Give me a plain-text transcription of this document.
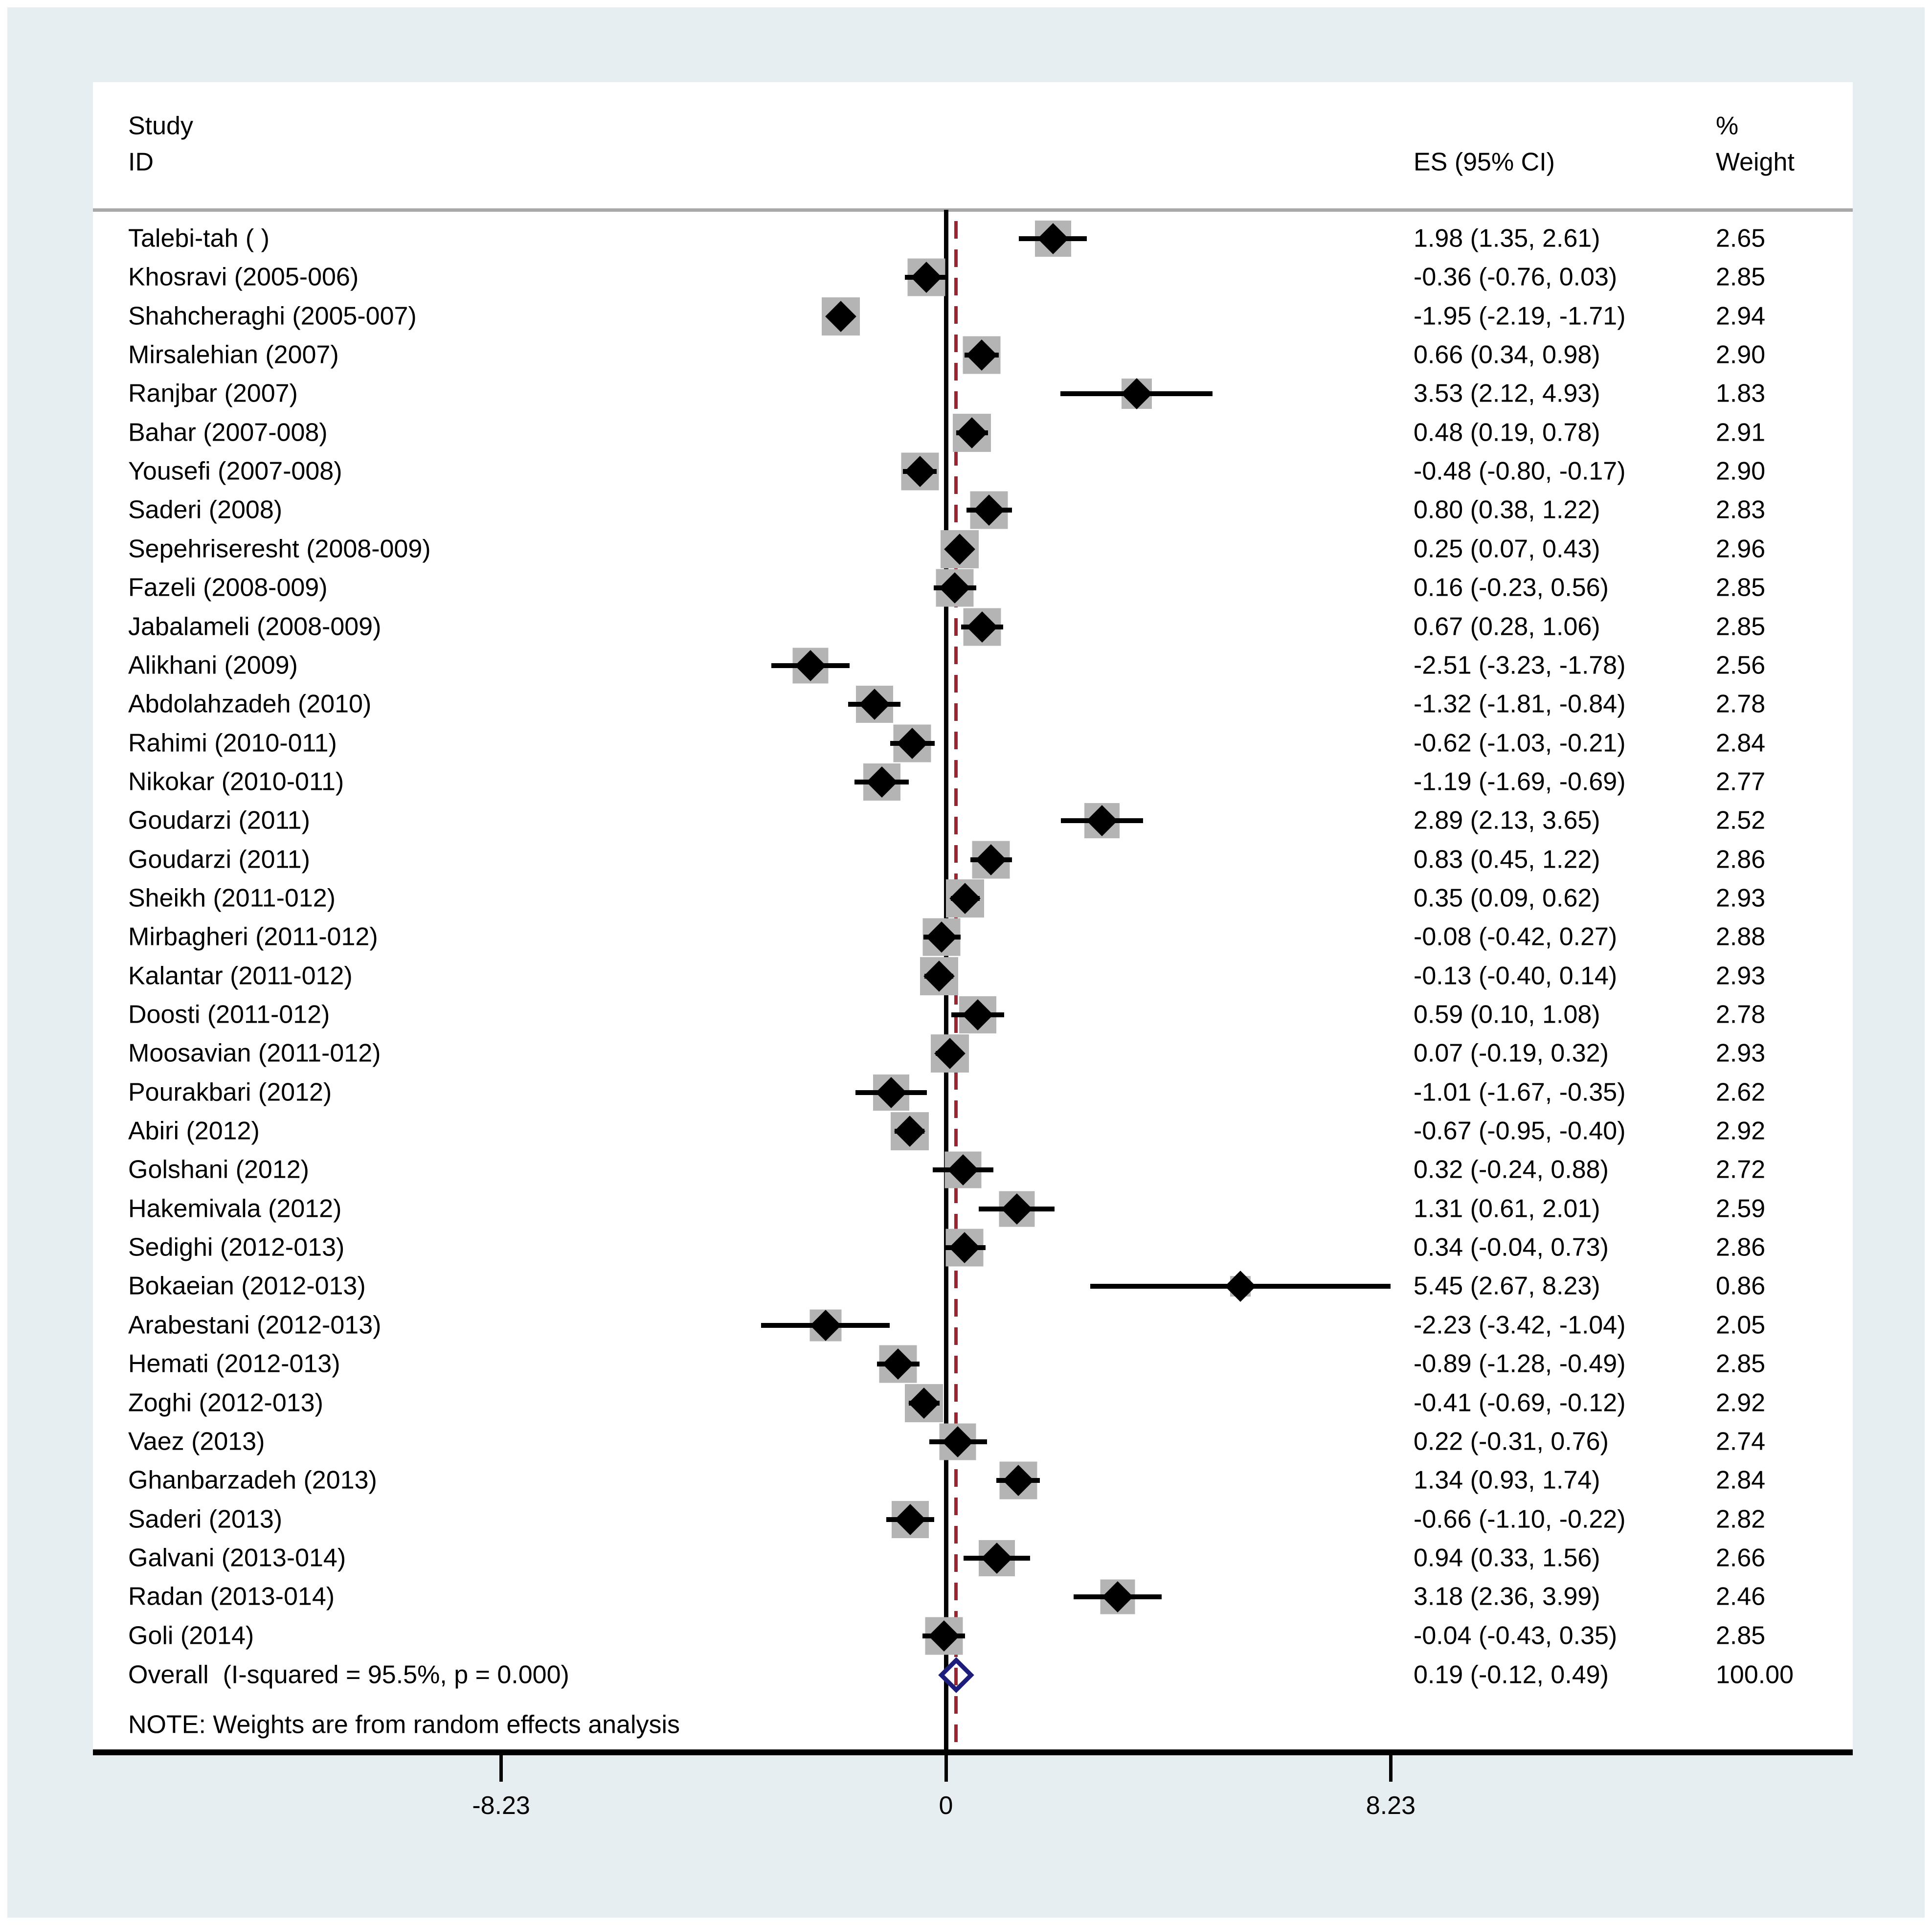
Study
ID	ES (95% CI)
%
Weight
NOTE: Weights are from random effects analysis
Talebi-tah ( )	1.98 (1.35, 2.61)	2.65
Khosravi (2005-006)	-0.36 (-0.76, 0.03)	2.85
Shahcheraghi (2005-007)	-1.95 (-2.19, -1.71)	2.94
Mirsalehian (2007)	0.66 (0.34, 0.98)	2.90
Ranjbar (2007)	3.53 (2.12, 4.93)	1.83
Bahar (2007-008)	0.48 (0.19, 0.78)	2.91
Yousefi (2007-008)	-0.48 (-0.80, -0.17)	2.90
Saderi (2008)	0.80 (0.38, 1.22)	2.83
Sepehriseresht (2008-009)	0.25 (0.07, 0.43)	2.96
Fazeli (2008-009)	0.16 (-0.23, 0.56)	2.85
Jabalameli (2008-009)	0.67 (0.28, 1.06)	2.85
Alikhani (2009)	-2.51 (-3.23, -1.78)	2.56
Abdolahzadeh (2010)	-1.32 (-1.81, -0.84)	2.78
Rahimi (2010-011)	-0.62 (-1.03, -0.21)	2.84
Nikokar (2010-011)	-1.19 (-1.69, -0.69)	2.77
Goudarzi (2011)	2.89 (2.13, 3.65)	2.52
Goudarzi (2011)	0.83 (0.45, 1.22)	2.86
Sheikh (2011-012)	0.35 (0.09, 0.62)	2.93
Mirbagheri (2011-012)	-0.08 (-0.42, 0.27)	2.88
Kalantar (2011-012)	-0.13 (-0.40, 0.14)	2.93
Doosti (2011-012)	0.59 (0.10, 1.08)	2.78
Moosavian (2011-012)	0.07 (-0.19, 0.32)	2.93
Pourakbari (2012)	-1.01 (-1.67, -0.35)	2.62
Abiri (2012)	-0.67 (-0.95, -0.40)	2.92
Golshani (2012)	0.32 (-0.24, 0.88)	2.72
Hakemivala (2012)	1.31 (0.61, 2.01)	2.59
Sedighi (2012-013)	0.34 (-0.04, 0.73)	2.86
Bokaeian (2012-013)	5.45 (2.67, 8.23)	0.86
Arabestani (2012-013)	-2.23 (-3.42, -1.04)	2.05
Hemati (2012-013)	-0.89 (-1.28, -0.49)	2.85
Zoghi (2012-013)	-0.41 (-0.69, -0.12)	2.92
Vaez (2013)	0.22 (-0.31, 0.76)	2.74
Ghanbarzadeh (2013)	1.34 (0.93, 1.74)	2.84
Saderi (2013)	-0.66 (-1.10, -0.22)	2.82
Galvani (2013-014)	0.94 (0.33, 1.56)	2.66
Radan (2013-014)	3.18 (2.36, 3.99)	2.46
Goli (2014)	-0.04 (-0.43, 0.35)	2.85
Overall  (I-squared = 95.5%, p = 0.000)	0.19 (-0.12, 0.49)	100.00
-8.23	0	8.23
